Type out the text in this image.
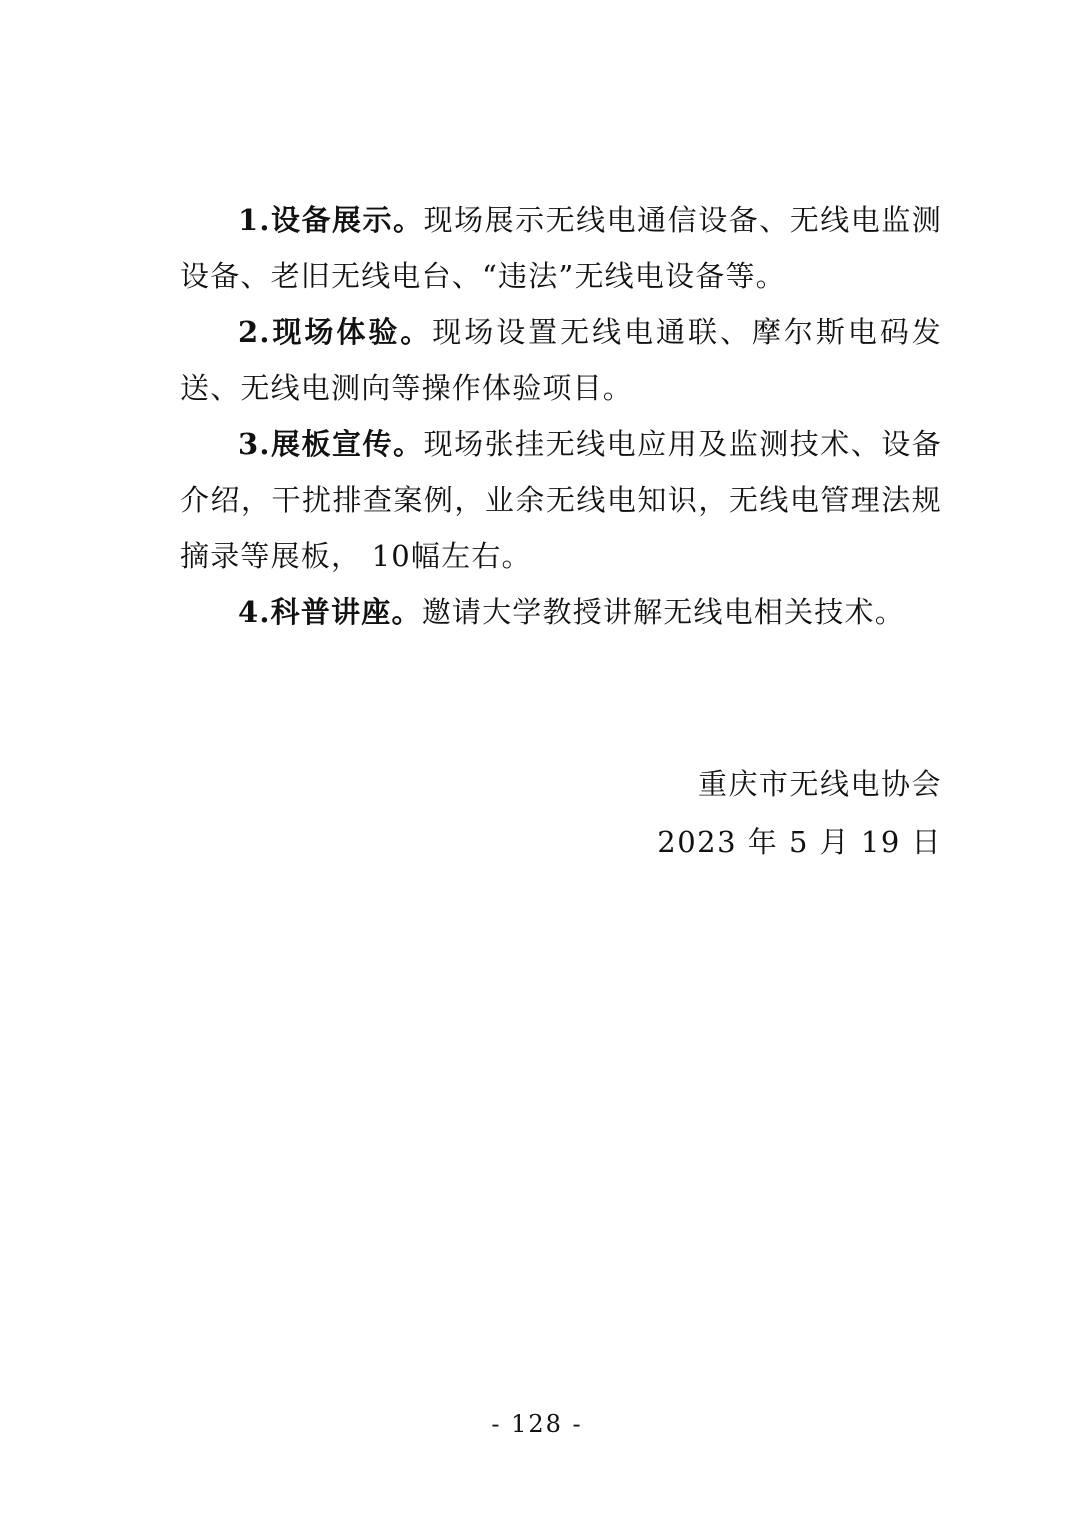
1.设备展示。现场展示无线电通信设备、无线电监测设备、老旧无线电台、“违法”无线电设备等。

2.现场体验。现场设置无线电通联、摩尔斯电码发送、无线电测向等操作体验项目。

3.展板宣传。现场张挂无线电应用及监测技术、设备介绍，干扰排查案例，业余无线电知识，无线电管理法规摘录等展板， 10幅左右。

4.科普讲座。邀请大学教授讲解无线电相关技术。

重庆市无线电协会
2023 年 5 月 19 日
- 128 -
